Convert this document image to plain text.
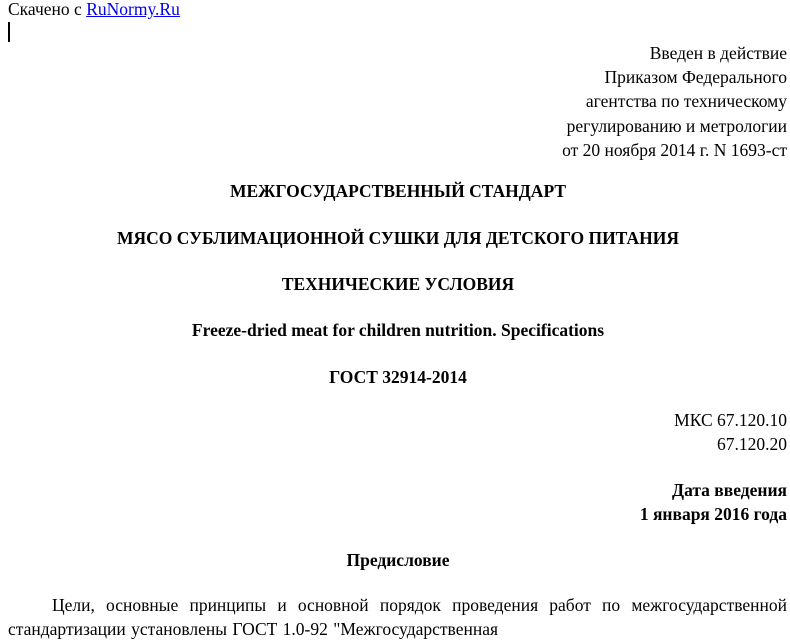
Скачено с RuNormy.Ru
Введен в действие
Приказом Федерального
агентства по техническому
регулированию и метрологии
от 20 ноября 2014 г. N 1693-ст
МЕЖГОСУДАРСТВЕННЫЙ СТАНДАРТ
МЯСО СУБЛИМАЦИОННОЙ СУШКИ ДЛЯ ДЕТСКОГО ПИТАНИЯ
ТЕХНИЧЕСКИЕ УСЛОВИЯ
Freeze-dried meat for children nutrition. Specifications
ГОСТ 32914-2014
МКС 67.120.10
67.120.20
Дата введения
1 января 2016 года
Предисловие
Цели, основные принципы и основной порядок проведения работ по межгосударственной стандартизации установлены ГОСТ 1.0-92 "Межгосударственная
